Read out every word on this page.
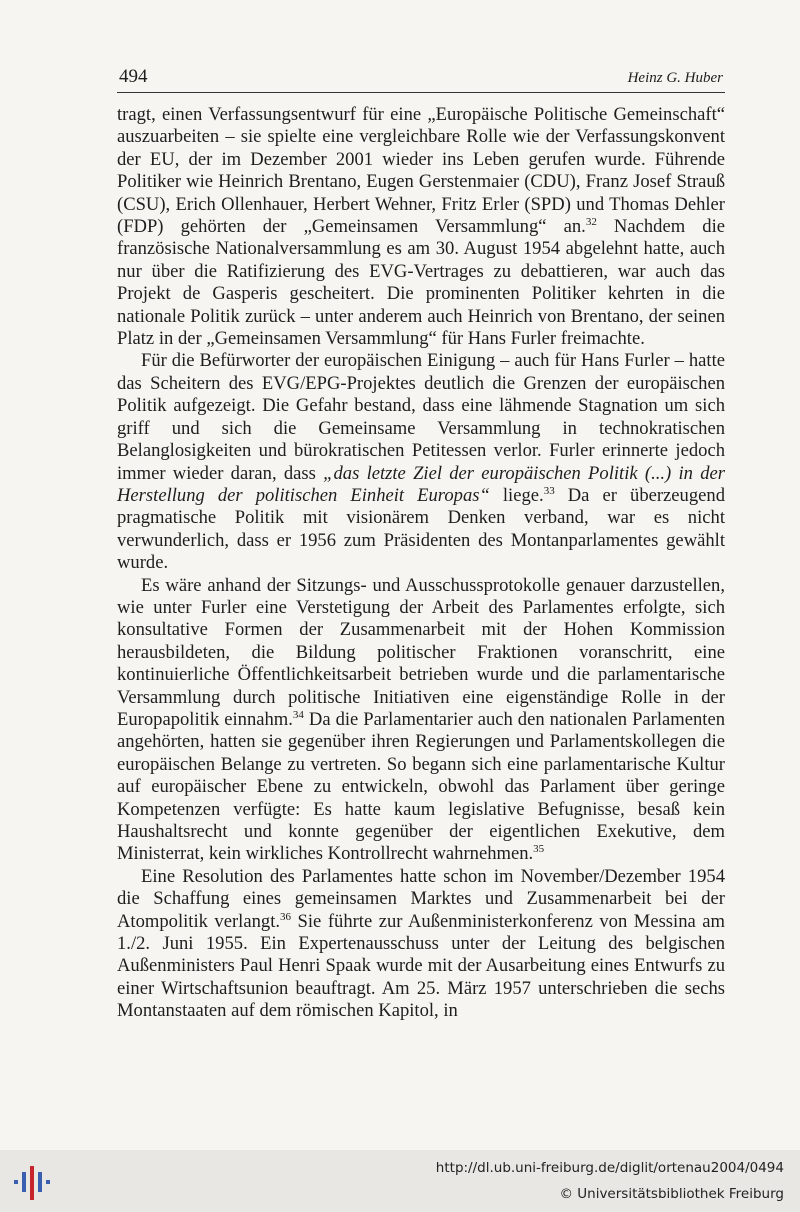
494	Heinz G. Huber

tragt, einen Verfassungsentwurf für eine „Europäische Politische Gemeinschaft“ auszuarbeiten – sie spielte eine vergleichbare Rolle wie der Verfassungskonvent der EU, der im Dezember 2001 wieder ins Leben gerufen wurde. Führende Politiker wie Heinrich Brentano, Eugen Gerstenmaier (CDU), Franz Josef Strauß (CSU), Erich Ollenhauer, Herbert Wehner, Fritz Erler (SPD) und Thomas Dehler (FDP) gehörten der „Gemeinsamen Versammlung“ an.$^{32}$ Nachdem die französische Nationalversammlung es am 30. August 1954 abgelehnt hatte, auch nur über die Ratifizierung des EVG-Vertrages zu debattieren, war auch das Projekt de Gasperis gescheitert. Die prominenten Politiker kehrten in die nationale Politik zurück – unter anderem auch Heinrich von Brentano, der seinen Platz in der „Gemeinsamen Versammlung“ für Hans Furler freimachte.

Für die Befürworter der europäischen Einigung – auch für Hans Furler – hatte das Scheitern des EVG/EPG-Projektes deutlich die Grenzen der europäischen Politik aufgezeigt. Die Gefahr bestand, dass eine lähmende Stagnation um sich griff und sich die Gemeinsame Versammlung in technokratischen Belanglosigkeiten und bürokratischen Petitessen verlor. Furler erinnerte jedoch immer wieder daran, dass „das letzte Ziel der europäischen Politik (...) in der Herstellung der politischen Einheit Europas“ liege.$^{33}$ Da er überzeugend pragmatische Politik mit visionärem Denken verband, war es nicht verwunderlich, dass er 1956 zum Präsidenten des Montanparlamentes gewählt wurde.

Es wäre anhand der Sitzungs- und Ausschussprotokolle genauer darzustellen, wie unter Furler eine Verstetigung der Arbeit des Parlamentes erfolgte, sich konsultative Formen der Zusammenarbeit mit der Hohen Kommission herausbildeten, die Bildung politischer Fraktionen voranschritt, eine kontinuierliche Öffentlichkeitsarbeit betrieben wurde und die parlamentarische Versammlung durch politische Initiativen eine eigenständige Rolle in der Europapolitik einnahm.$^{34}$ Da die Parlamentarier auch den nationalen Parlamenten angehörten, hatten sie gegenüber ihren Regierungen und Parlamentskollegen die europäischen Belange zu vertreten. So begann sich eine parlamentarische Kultur auf europäischer Ebene zu entwickeln, obwohl das Parlament über geringe Kompetenzen verfügte: Es hatte kaum legislative Befugnisse, besaß kein Haushaltsrecht und konnte gegenüber der eigentlichen Exekutive, dem Ministerrat, kein wirkliches Kontrollrecht wahrnehmen.$^{35}$

Eine Resolution des Parlamentes hatte schon im November/Dezember 1954 die Schaffung eines gemeinsamen Marktes und Zusammenarbeit bei der Atompolitik verlangt.$^{36}$ Sie führte zur Außenministerkonferenz von Messina am 1./2. Juni 1955. Ein Expertenausschuss unter der Leitung des belgischen Außenministers Paul Henri Spaak wurde mit der Ausarbeitung eines Entwurfs zu einer Wirtschaftsunion beauftragt. Am 25. März 1957 unterschrieben die sechs Montanstaaten auf dem römischen Kapitol, in

http://dl.ub.uni-freiburg.de/diglit/ortenau2004/0494
© Universitätsbibliothek Freiburg
